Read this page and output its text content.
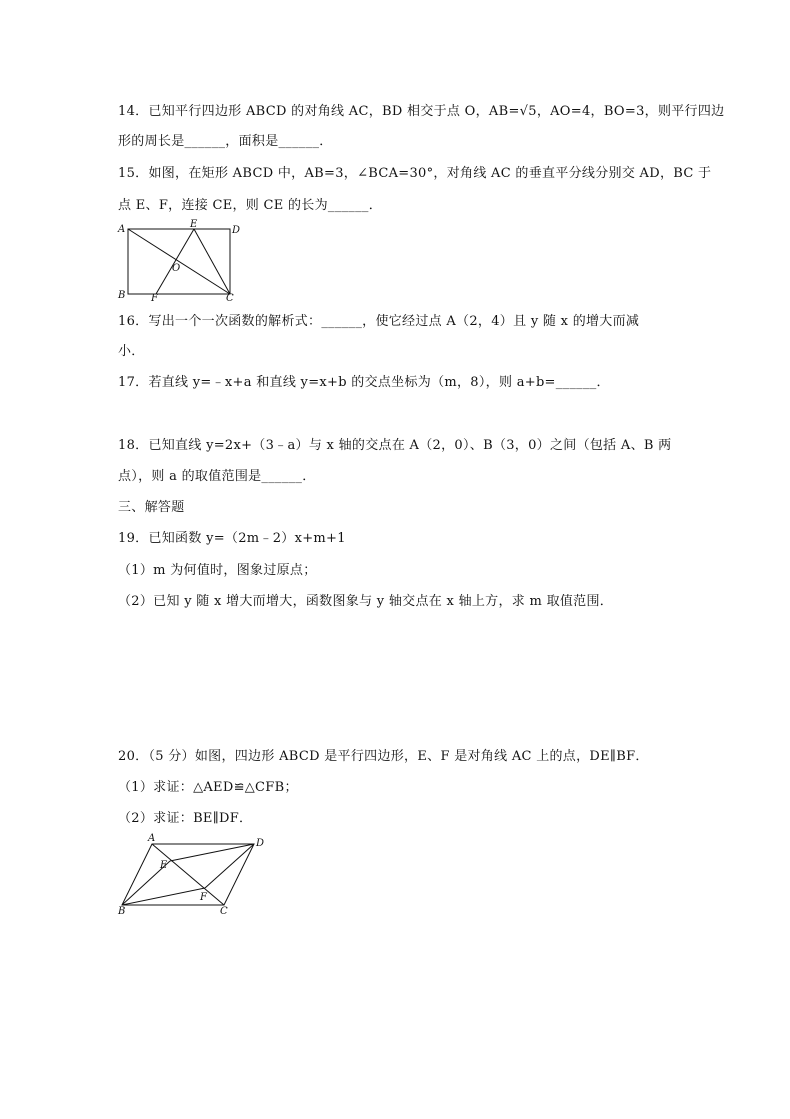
14．已知平行四边形 ABCD 的对角线 AC，BD 相交于点 O，AB=√5，AO=4，BO=3，则平行四边
形的周长是______，面积是______．
15．如图，在矩形 ABCD 中，AB=3，∠BCA=30°，对角线 AC 的垂直平分线分别交 AD，BC 于
点 E、F，连接 CE，则 CE 的长为______．
A	E
D
O
B	F	C
16．写出一个一次函数的解析式：______，使它经过点 A（2，4）且 y 随 x 的增大而减
小．
17．若直线 y=﹣x+a 和直线 y=x+b 的交点坐标为（m，8），则 a+b=______．
18．已知直线 y=2x+（3﹣a）与 x 轴的交点在 A（2，0）、B（3，0）之间（包括 A、B 两
点），则 a 的取值范围是______．
三、解答题
19．已知函数 y=（2m﹣2）x+m+1
（1）m 为何值时，图象过原点；
（2）已知 y 随 x 增大而增大，函数图象与 y 轴交点在 x 轴上方，求 m 取值范围．
20．（5 分）如图，四边形 ABCD 是平行四边形，E、F 是对角线 AC 上的点，DE∥BF．
（1）求证：△AED≌△CFB；
（2）求证：BE∥DF．
A	D
E
F
B	C
